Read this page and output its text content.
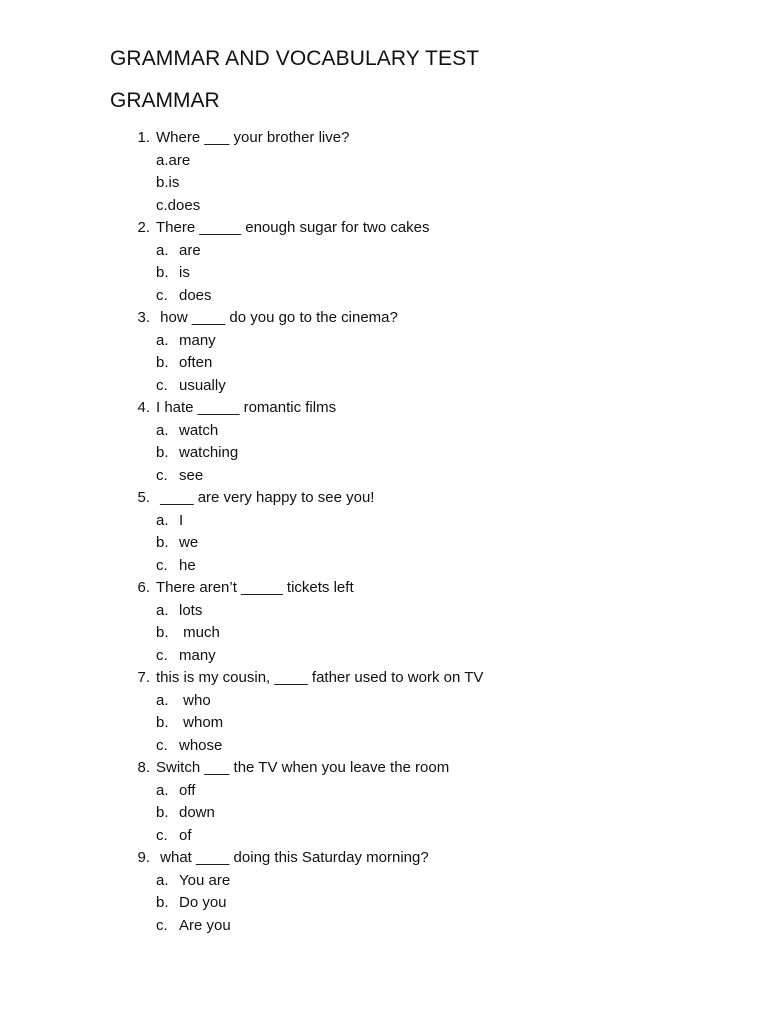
GRAMMAR AND VOCABULARY TEST
GRAMMAR
1. Where ___ your brother live?
a.are
b.is
c.does
2. There _____ enough sugar for two cakes
a. are
b. is
c. does
3. how ____ do you go to the cinema?
a. many
b. often
c. usually
4. I hate _____ romantic films
a. watch
b. watching
c. see
5. ____ are very happy to see you!
a. I
b. we
c. he
6. There aren’t _____ tickets left
a. lots
b. much
c. many
7. this is my cousin, ____ father used to work on TV
a. who
b. whom
c. whose
8. Switch ___ the TV when you leave the room
a. off
b. down
c. of
9. what ____ doing this Saturday morning?
a. You are
b. Do you
c. Are you
